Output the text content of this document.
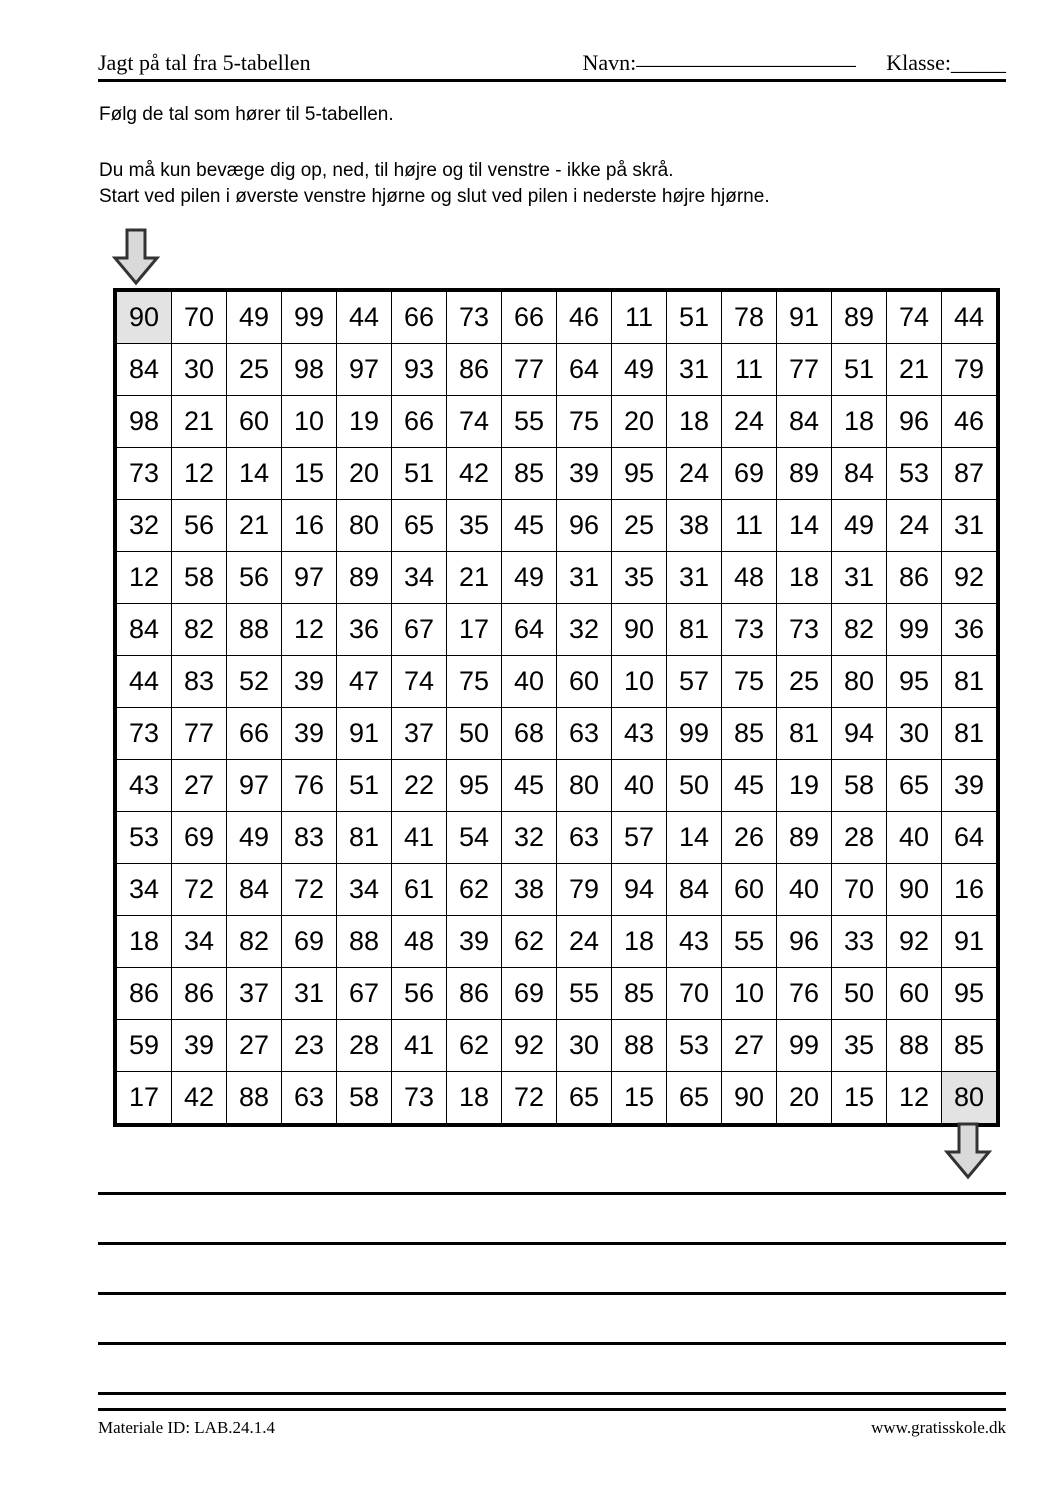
Jagt på tal fra 5-tabellen	Navn:____________________ Klasse:_____
Følg de tal som hører til 5-tabellen.
Du må kun bevæge dig op, ned, til højre og til venstre - ikke på skrå.
Start ved pilen i øverste venstre hjørne og slut ved pilen i nederste højre hjørne.
90	70	49	99	44	66	73	66	46	11	51	78	91	89	74	44
84	30	25	98	97	93	86	77	64	49	31	11	77	51	21	79
98	21	60	10	19	66	74	55	75	20	18	24	84	18	96	46
73	12	14	15	20	51	42	85	39	95	24	69	89	84	53	87
32	56	21	16	80	65	35	45	96	25	38	11	14	49	24	31
12	58	56	97	89	34	21	49	31	35	31	48	18	31	86	92
84	82	88	12	36	67	17	64	32	90	81	73	73	82	99	36
44	83	52	39	47	74	75	40	60	10	57	75	25	80	95	81
73	77	66	39	91	37	50	68	63	43	99	85	81	94	30	81
43	27	97	76	51	22	95	45	80	40	50	45	19	58	65	39
53	69	49	83	81	41	54	32	63	57	14	26	89	28	40	64
34	72	84	72	34	61	62	38	79	94	84	60	40	70	90	16
18	34	82	69	88	48	39	62	24	18	43	55	96	33	92	91
86	86	37	31	67	56	86	69	55	85	70	10	76	50	60	95
59	39	27	23	28	41	62	92	30	88	53	27	99	35	88	85
17	42	88	63	58	73	18	72	65	15	65	90	20	15	12	80
Materiale ID: LAB.24.1.4	www.gratisskole.dk
